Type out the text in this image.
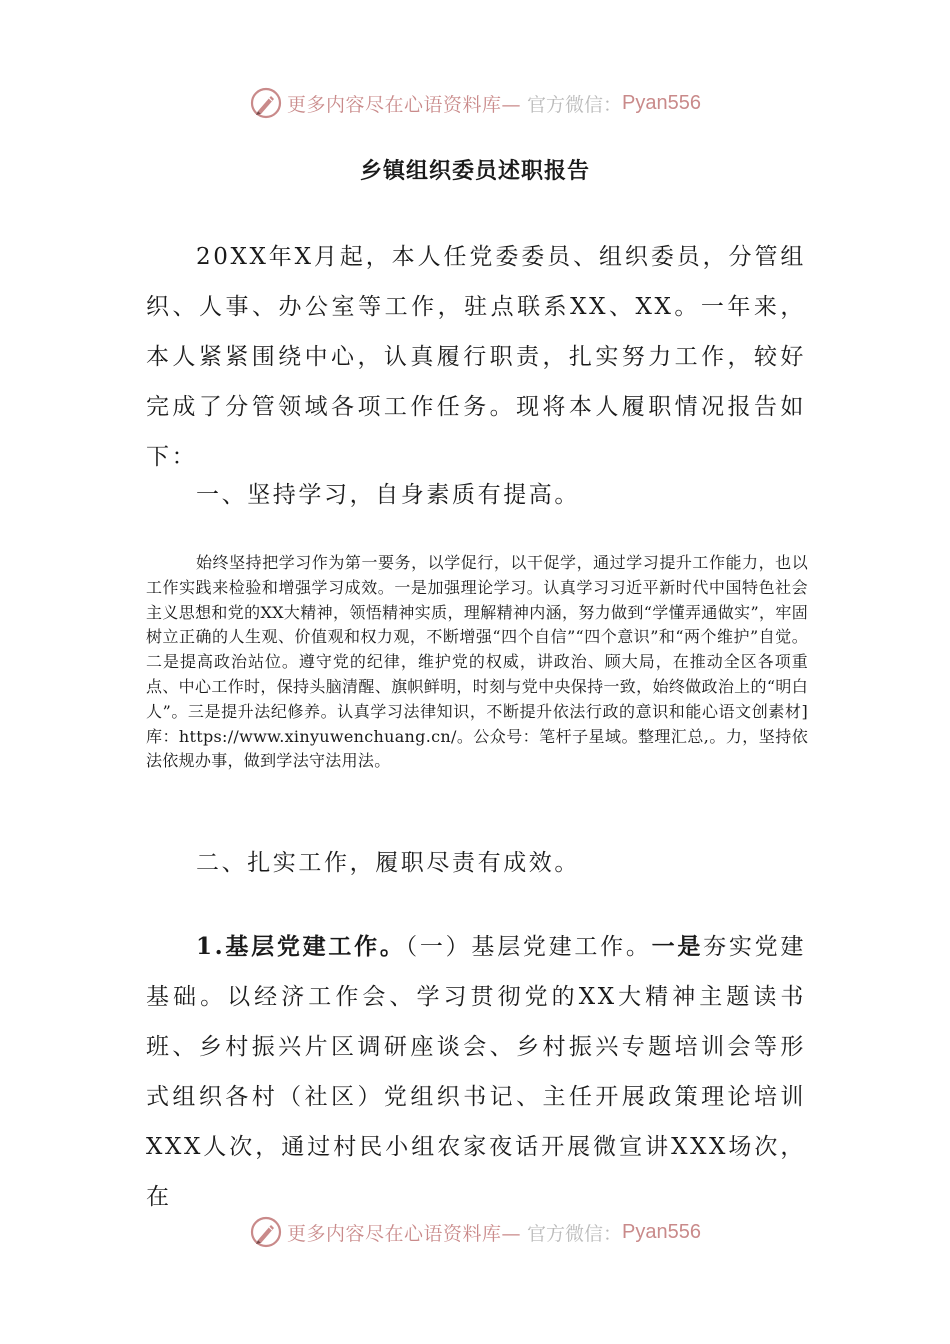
更多内容尽在心语资料库— 官方微信： Pyan556
乡镇组织委员述职报告

20XX年X月起，本人任党委委员、组织委员，分管组织、人事、办公室等工作，驻点联系XX、XX。一年来，本人紧紧围绕中心，认真履行职责，扎实努力工作，较好完成了分管领域各项工作任务。现将本人履职情况报告如下：

一、坚持学习，自身素质有提高。

始终坚持把学习作为第一要务，以学促行，以干促学，通过学习提升工作能力，也以工作实践来检验和增强学习成效。一是加强理论学习。认真学习习近平新时代中国特色社会主义思想和党的XX大精神，领悟精神实质，理解精神内涵，努力做到“学懂弄通做实”，牢固树立正确的人生观、价值观和权力观，不断增强“四个自信”“四个意识”和“两个维护”自觉。二是提高政治站位。遵守党的纪律，维护党的权威，讲政治、顾大局，在推动全区各项重点、中心工作时，保持头脑清醒、旗帜鲜明，时刻与党中央保持一致，始终做政治上的“明白人”。三是提升法纪修养。认真学习法律知识，不断提升依法行政的意识和能心语文创素材]库：https://www.xinyuwenchuang.cn/。公众号：笔杆子星域。整理汇总,。力，坚持依法依规办事，做到学法守法用法。

二、扎实工作，履职尽责有成效。

1.基层党建工作。（一）基层党建工作。一是夯实党建基础。以经济工作会、学习贯彻党的XX大精神主题读书班、乡村振兴片区调研座谈会、乡村振兴专题培训会等形式组织各村（社区）党组织书记、主任开展政策理论培训XXX人次，通过村民小组农家夜话开展微宣讲XXX场次，在

更多内容尽在心语资料库— 官方微信： Pyan556
